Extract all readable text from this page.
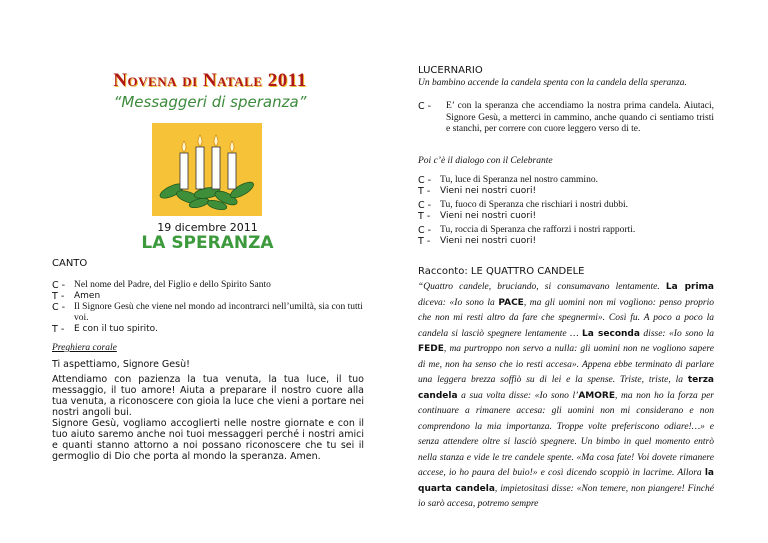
Novena di Natale 2011
“Messaggeri di speranza”
19 dicembre 2011
LA SPERANZA
CANTO
C - Nel nome del Padre, del Figlio e dello Spirito Santo
T -	Amen
C - Il Signore Gesù che viene nel mondo ad incontrarci nell’umiltà, sia con tutti voi.
T -	E con il tuo spirito.
Preghiera corale
Ti aspettiamo, Signore Gesù!
Attendiamo con pazienza la tua venuta, la tua luce, il tuo messaggio, il tuo amore! Aiuta a preparare il nostro cuore alla tua venuta, a riconoscere con gioia la luce che vieni a portare nei nostri angoli bui.
Signore Gesù, vogliamo accoglierti nelle nostre giornate e con il tuo aiuto saremo anche noi tuoi messaggeri perché i nostri amici e quanti stanno attorno a noi possano riconoscere che tu sei il germoglio di Dio che porta al mondo la speranza. Amen.
LUCERNARIO
Un bambino accende la candela spenta con la candela della speranza.
C -	E’ con la speranza che accendiamo la nostra prima candela. Aiutaci, Signore Gesù, a metterci in cammino, anche quando ci sentiamo tristi e stanchi, per correre con cuore leggero verso di te.
Poi c’è il dialogo con il Celebrante
C - Tu, luce di Speranza nel nostro cammino.
T -	Vieni nei nostri cuori!
C - Tu, fuoco di Speranza che rischiari i nostri dubbi.
T -	Vieni nei nostri cuori!
C - Tu, roccia di Speranza che rafforzi i nostri rapporti.
T -	Vieni nei nostri cuori!
Racconto: LE QUATTRO CANDELE
“Quattro candele, bruciando, si consumavano lentamente. La prima diceva: «Io sono la PACE, ma gli uomini non mi vogliono: penso proprio che non mi resti altro da fare che spegnermi». Così fu. A poco a poco la candela si lasciò spegnere lentamente … La seconda disse: «Io sono la FEDE, ma purtroppo non servo a nulla: gli uomini non ne vogliono sapere di me, non ha senso che io resti accesa». Appena ebbe terminato di parlare una leggera brezza soffiò su di lei e la spense. Triste, triste, la terza candela a sua volta disse: «Io sono l’AMORE, ma non ho la forza per continuare a rimanere accesa: gli uomini non mi considerano e non comprendono la mia importanza. Troppe volte preferiscono odiare!…» e senza attendere oltre si lasciò spegnere. Un bimbo in quel momento entrò nella stanza e vide le tre candele spente. «Ma cosa fate! Voi dovete rimanere accese, io ho paura del buio!» e così dicendo scoppiò in lacrime. Allora la quarta candela, impietositasi disse: «Non temere, non piangere! Finché io sarò accesa, potremo sempre
